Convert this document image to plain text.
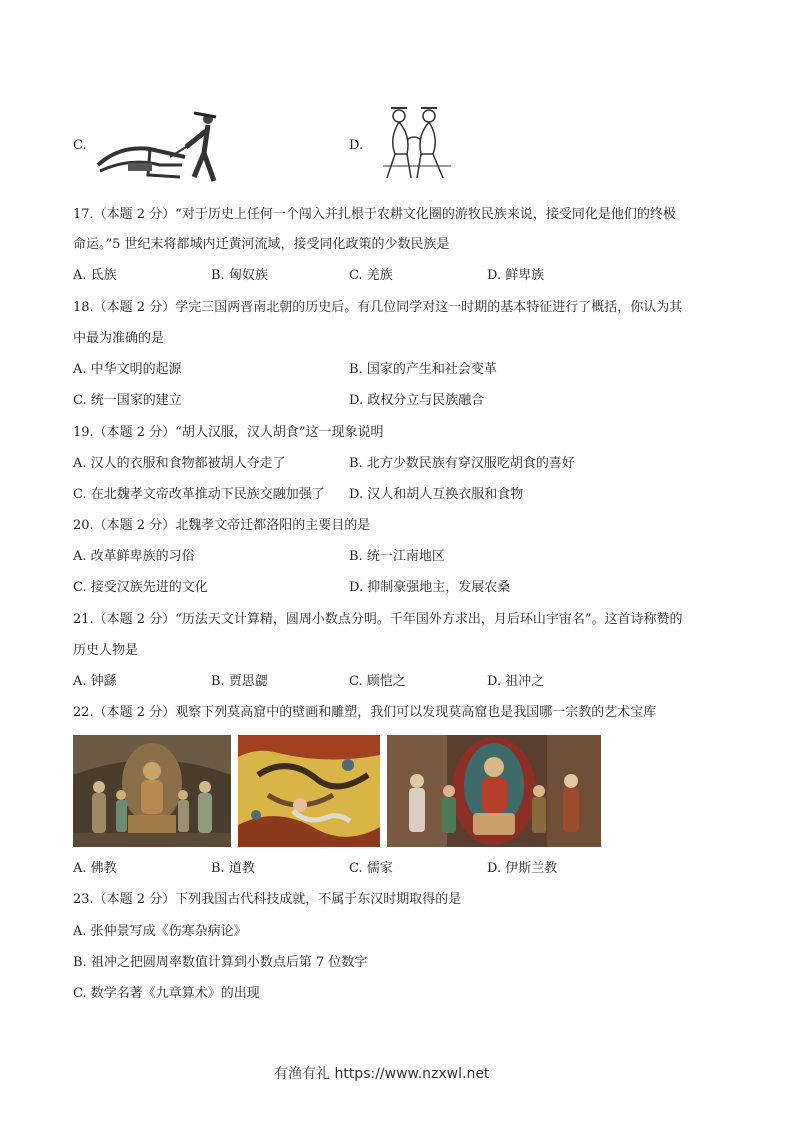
C.	D.
17.（本题 2 分）“对于历史上任何一个闯入并扎根于农耕文化圈的游牧民族来说，接受同化是他们的终极
命运。”5 世纪末将都城内迁黄河流域，接受同化政策的少数民族是
A. 氐族	B. 匈奴族	C. 羌族	D. 鲜卑族
18.（本题 2 分）学完三国两晋南北朝的历史后。有几位同学对这一时期的基本特征进行了概括，你认为其
中最为准确的是
A. 中华文明的起源	B. 国家的产生和社会变革
C. 统一国家的建立	D. 政权分立与民族融合
19.（本题 2 分）“胡人汉服，汉人胡食”这一现象说明
A. 汉人的衣服和食物都被胡人夺走了	B. 北方少数民族有穿汉服吃胡食的喜好
C. 在北魏孝文帝改革推动下民族交融加强了 D. 汉人和胡人互换衣服和食物
20.（本题 2 分）北魏孝文帝迁都洛阳的主要目的是
A. 改革鲜卑族的习俗	B. 统一江南地区
C. 接受汉族先进的文化	D. 抑制豪强地主，发展农桑
21.（本题 2 分）“历法天文计算精，圆周小数点分明。千年国外方求出，月后环山宇宙名”。这首诗称赞的
历史人物是
A. 钟繇	B. 贾思勰	C. 顾恺之	D. 祖冲之
22.（本题 2 分）观察下列莫高窟中的壁画和雕塑，我们可以发现莫高窟也是我国哪一宗教的艺术宝库
A. 佛教	B. 道教	C. 儒家	D. 伊斯兰教
23.（本题 2 分）下列我国古代科技成就，不属于东汉时期取得的是
A. 张仲景写成《伤寒杂病论》
B. 祖冲之把圆周率数值计算到小数点后第 7 位数字
C. 数学名著《九章算术》的出现
有渔有礼 https://www.nzxwl.net
